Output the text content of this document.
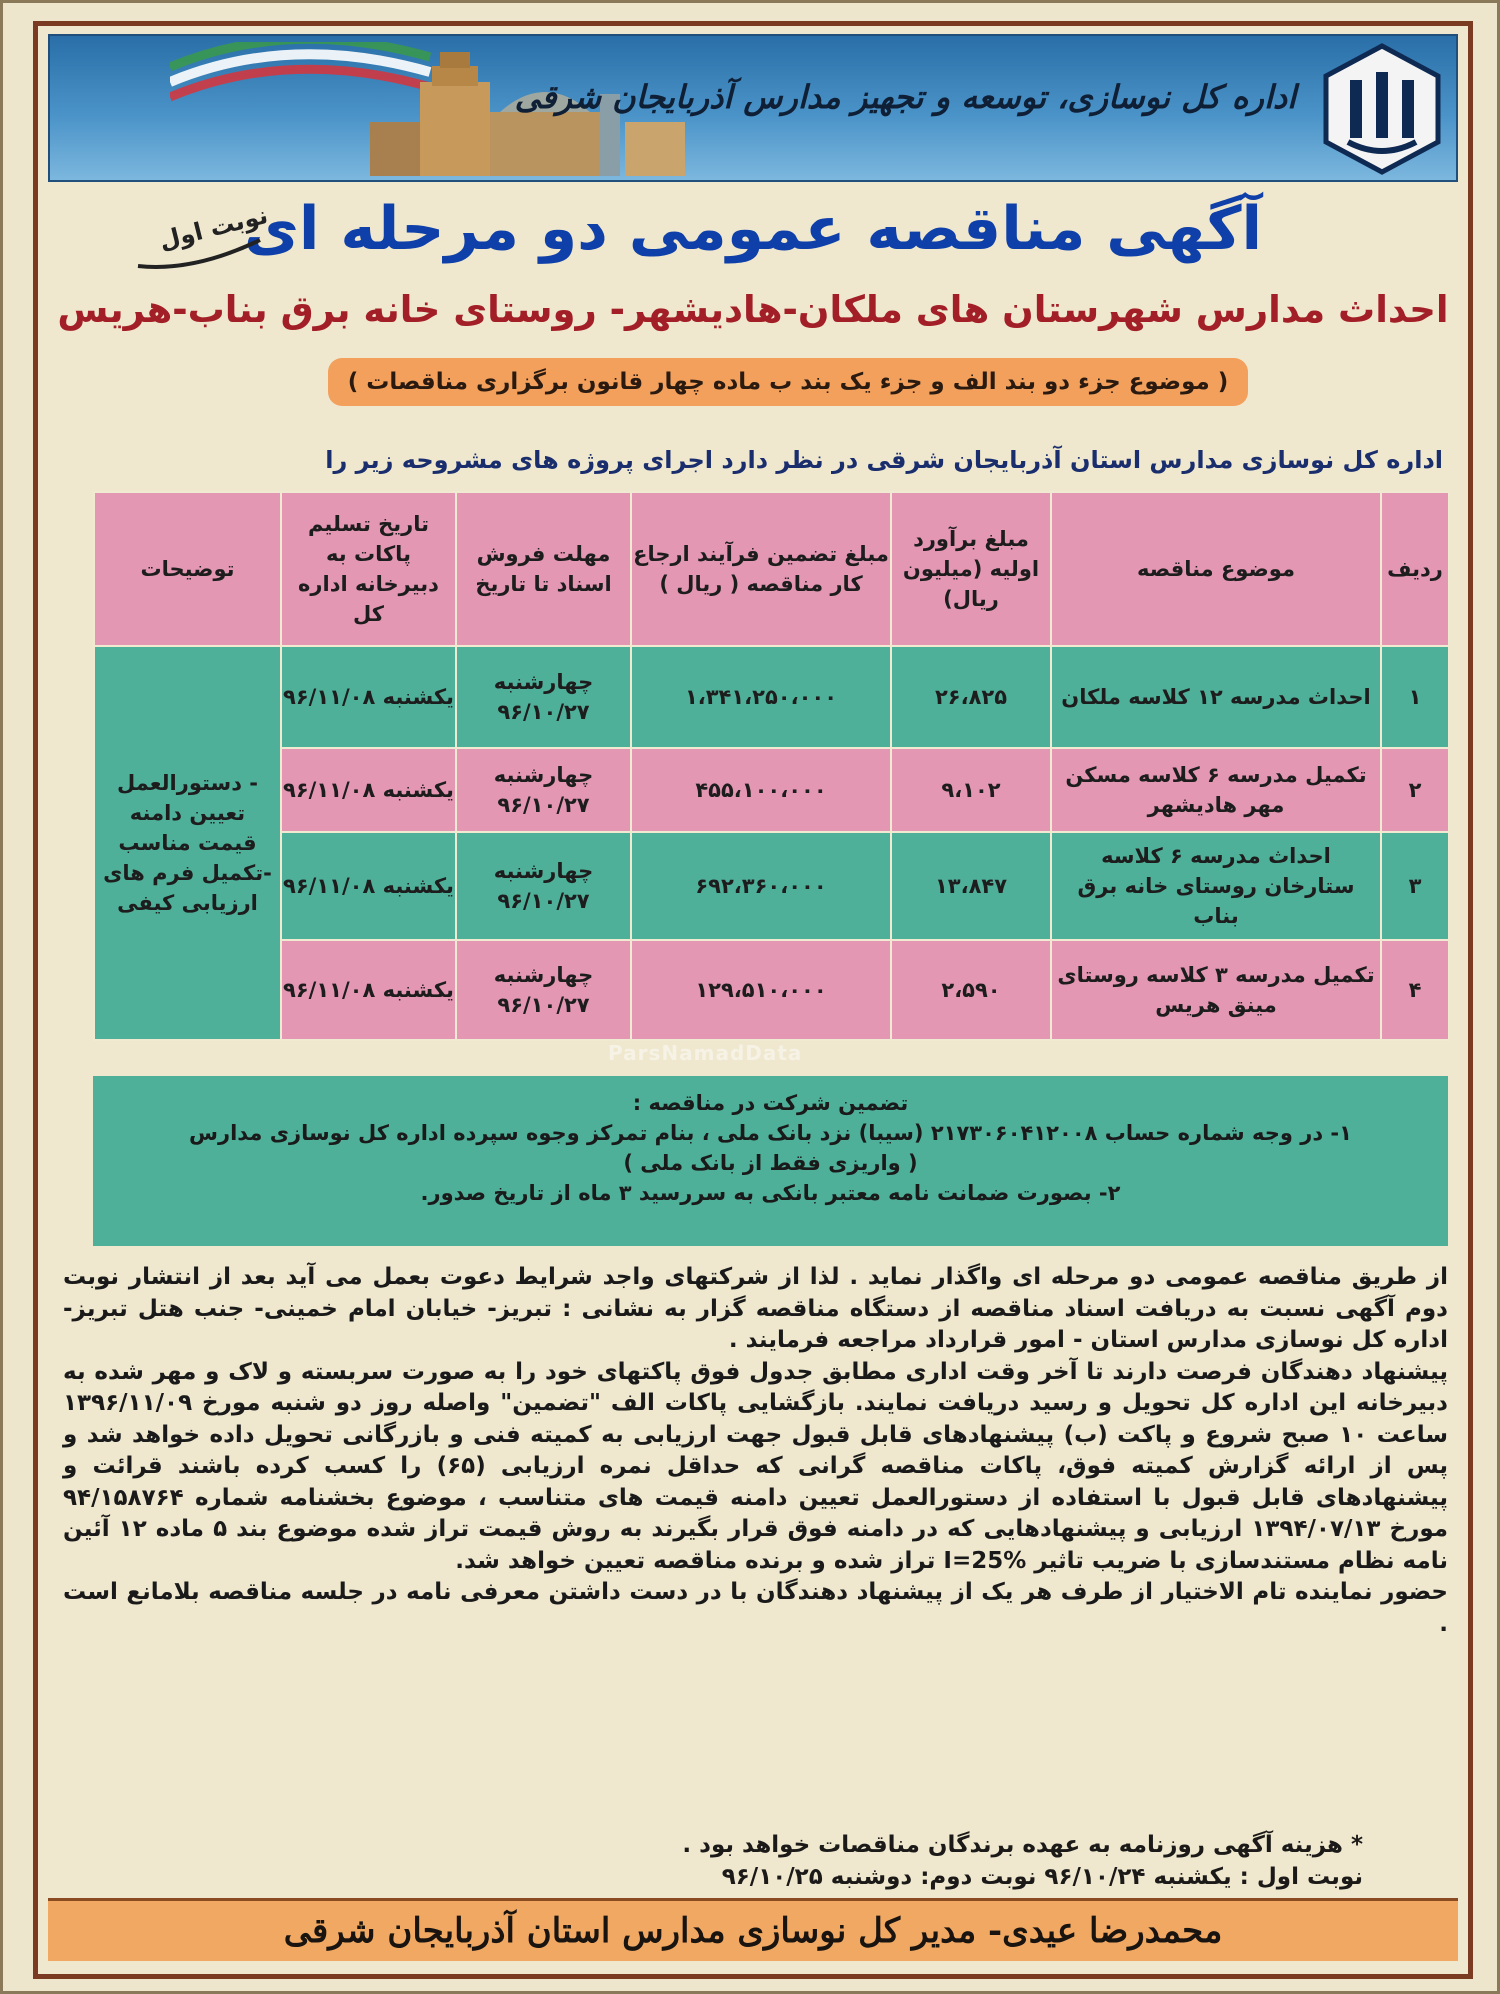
اداره کل نوسازی، توسعه و تجهیز مدارس آذربایجان شرقی
آگهی مناقصه عمومی دو مرحله ای
نوبت اول
احداث مدارس شهرستان های ملکان-هادیشهر- روستای خانه برق بناب-هریس
( موضوع جزء دو بند الف و جزء یک بند ب ماده چهار قانون برگزاری مناقصات )
اداره کل نوسازی مدارس استان آذربایجان شرقی در نظر دارد اجرای پروژه های مشروحه زیر را
ردیف	موضوع مناقصه	مبلغ برآورد اولیه (میلیون ریال)	مبلغ تضمین فرآیند ارجاع کار مناقصه ( ریال )	مهلت فروش اسناد تا تاریخ	تاریخ تسلیم پاکات به دبیرخانه اداره کل	توضیحات
۱	احداث مدرسه ۱۲ کلاسه ملکان	۲۶،۸۲۵	۱،۳۴۱،۲۵۰،۰۰۰	چهارشنبه ۹۶/۱۰/۲۷	یکشنبه ۹۶/۱۱/۰۸	- دستورالعمل تعیین دامنه قیمت مناسب -تکمیل فرم های ارزیابی کیفی
۲	تکمیل مدرسه ۶ کلاسه مسکن مهر هادیشهر	۹،۱۰۲	۴۵۵،۱۰۰،۰۰۰	چهارشنبه ۹۶/۱۰/۲۷	یکشنبه ۹۶/۱۱/۰۸	
۳	احداث مدرسه ۶ کلاسه ستارخان روستای خانه برق بناب	۱۳،۸۴۷	۶۹۲،۳۶۰،۰۰۰	چهارشنبه ۹۶/۱۰/۲۷	یکشنبه ۹۶/۱۱/۰۸	
۴	تکمیل مدرسه ۳ کلاسه روستای مینق هریس	۲،۵۹۰	۱۲۹،۵۱۰،۰۰۰	چهارشنبه ۹۶/۱۰/۲۷	یکشنبه ۹۶/۱۱/۰۸	
ParsNamadData
تضمین شرکت در مناقصه :
۱- در وجه شماره حساب ۲۱۷۳۰۶۰۴۱۲۰۰۸ (سیبا) نزد بانک ملی ، بنام تمرکز وجوه سپرده اداره کل نوسازی مدارس
( واریزی فقط از بانک ملی )
۲- بصورت ضمانت نامه معتبر بانکی به سررسید ۳ ماه از تاریخ صدور.

از طریق مناقصه عمومی دو مرحله ای واگذار نماید . لذا از شرکتهای واجد شرایط دعوت بعمل می آید بعد از انتشار نوبت دوم آگهی نسبت به دریافت اسناد مناقصه از دستگاه مناقصه گزار به نشانی : تبریز- خیابان امام خمینی- جنب هتل تبریز- اداره کل نوسازی مدارس استان - امور قرارداد مراجعه فرمایند .

پیشنهاد دهندگان فرصت دارند تا آخر وقت اداری مطابق جدول فوق پاکتهای خود را به صورت سربسته و لاک و مهر شده به دبیرخانه این اداره کل تحویل و رسید دریافت نمایند. بازگشایی پاکات الف "تضمین" واصله روز دو شنبه مورخ ۱۳۹۶/۱۱/۰۹ ساعت ۱۰ صبح شروع و پاکت (ب) پیشنهادهای قابل قبول جهت ارزیابی به کمیته فنی و بازرگانی تحویل داده خواهد شد و پس از ارائه گزارش کمیته فوق، پاکات مناقصه گرانی که حداقل نمره ارزیابی (۶۵) را کسب کرده باشند قرائت و پیشنهادهای قابل قبول با استفاده از دستورالعمل تعیین دامنه قیمت های متناسب ، موضوع بخشنامه شماره ۹۴/۱۵۸۷۶۴ مورخ ۱۳۹۴/۰۷/۱۳ ارزیابی و پیشنهادهایی که در دامنه فوق قرار بگیرند به روش قیمت تراز شده موضوع بند ۵ ماده ۱۲ آئین نامه نظام مستندسازی با ضریب تاثیر I=25% تراز شده و برنده مناقصه تعیین خواهد شد.

حضور نماینده تام الاختیار از طرف هر یک از پیشنهاد دهندگان با در دست داشتن معرفی نامه در جلسه مناقصه بلامانع است .

* هزینه آگهی روزنامه به عهده برندگان مناقصات خواهد بود .
نوبت اول : یکشنبه ۹۶/۱۰/۲۴ نوبت دوم: دوشنبه ۹۶/۱۰/۲۵
محمدرضا عیدی- مدیر کل نوسازی مدارس استان آذربایجان شرقی
